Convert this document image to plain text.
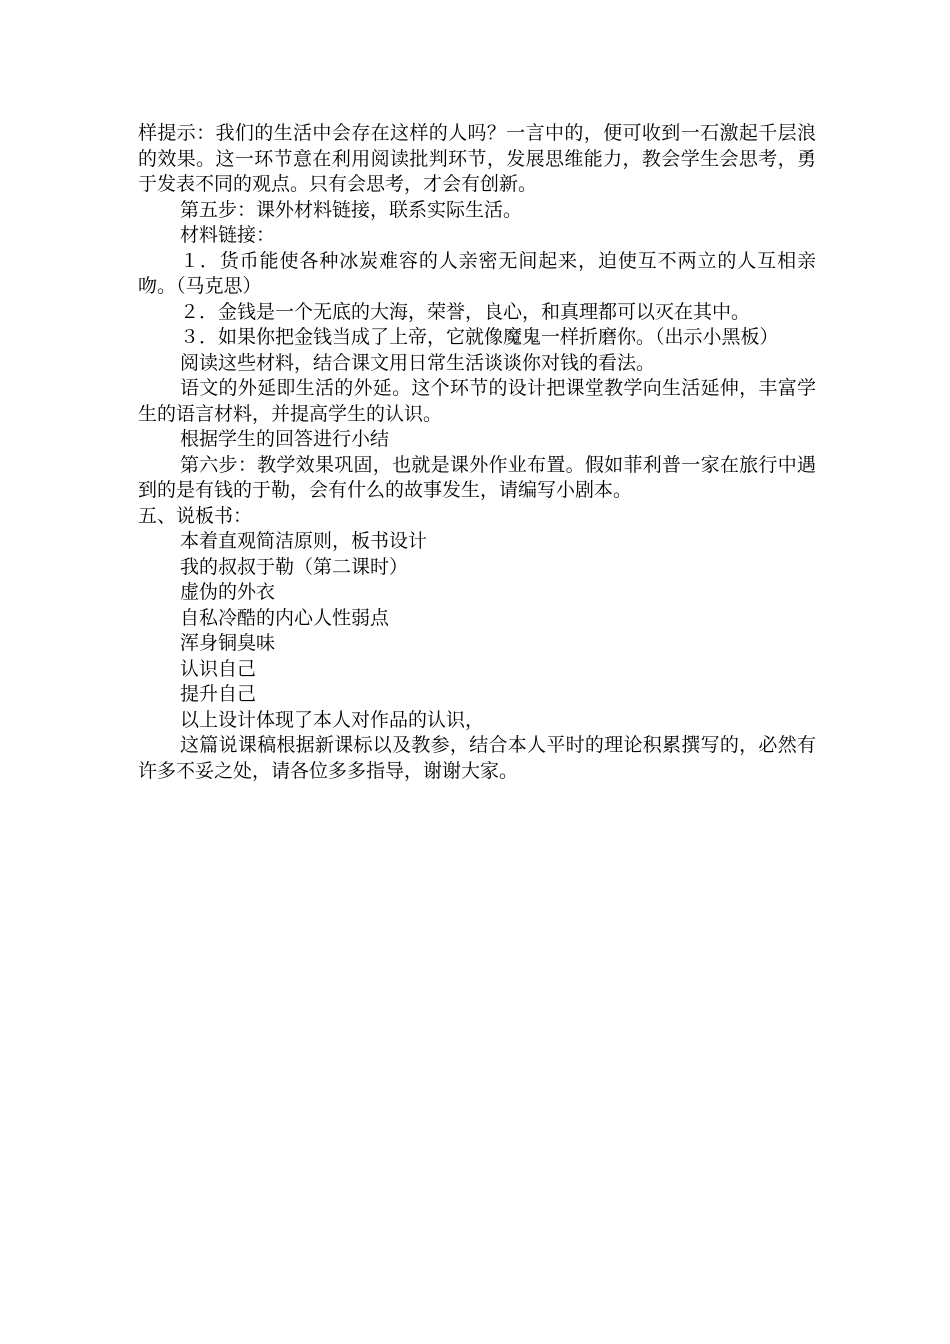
样提示：我们的生活中会存在这样的人吗？一言中的，便可收到一石激起千层浪的效果。这一环节意在利用阅读批判环节，发展思维能力，教会学生会思考，勇于发表不同的观点。只有会思考，才会有创新。

第五步：课外材料链接，联系实际生活。

材料链接：

１．货币能使各种冰炭难容的人亲密无间起来，迫使互不两立的人互相亲吻。（马克思）

２．金钱是一个无底的大海，荣誉，良心，和真理都可以灭在其中。

３．如果你把金钱当成了上帝，它就像魔鬼一样折磨你。（出示小黑板）

阅读这些材料，结合课文用日常生活谈谈你对钱的看法。

语文的外延即生活的外延。这个环节的设计把课堂教学向生活延伸，丰富学生的语言材料，并提高学生的认识。

根据学生的回答进行小结

第六步：教学效果巩固，也就是课外作业布置。假如菲利普一家在旅行中遇到的是有钱的于勒，会有什么的故事发生，请编写小剧本。

五、说板书：

本着直观简洁原则，板书设计

我的叔叔于勒（第二课时）

虚伪的外衣

自私冷酷的内心人性弱点

浑身铜臭味

认识自己

提升自己

以上设计体现了本人对作品的认识，

这篇说课稿根据新课标以及教参，结合本人平时的理论积累撰写的，必然有许多不妥之处，请各位多多指导，谢谢大家。
